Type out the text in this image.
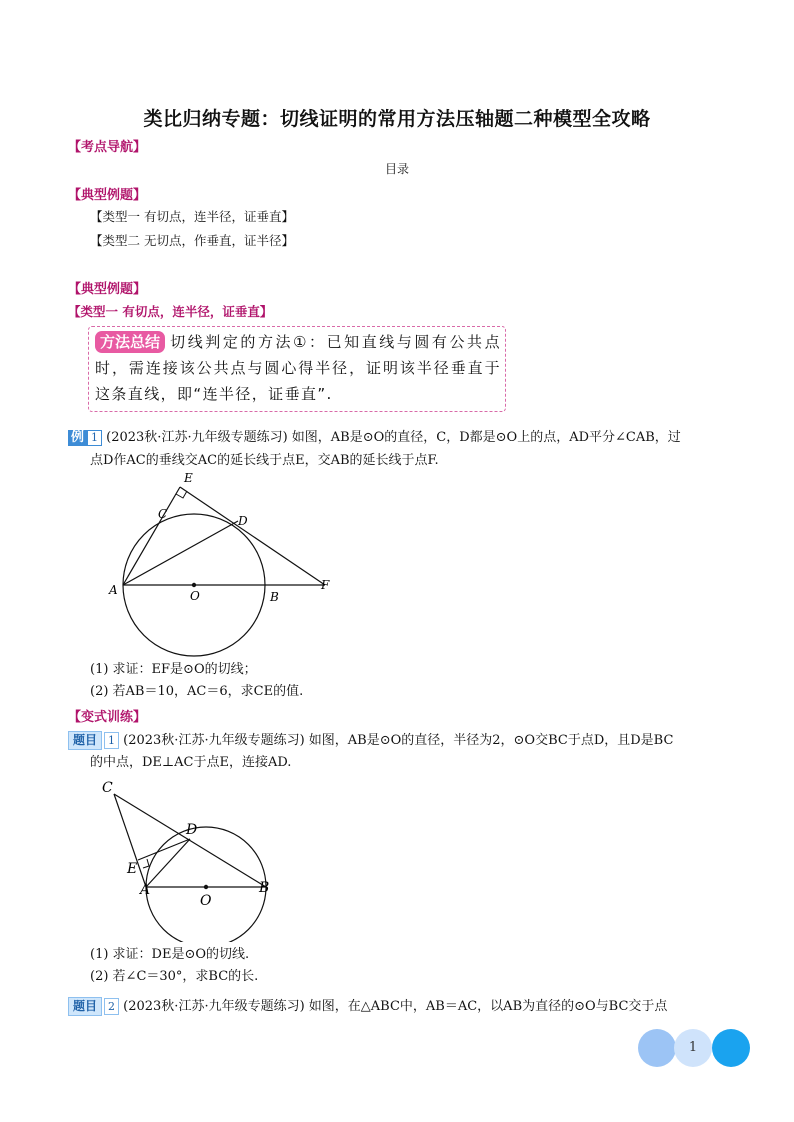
类比归纳专题：切线证明的常用方法压轴题二种模型全攻略
【考点导航】
目录
【典型例题】
【类型一 有切点，连半径，证垂直】
【类型二 无切点，作垂直，证半径】
【典型例题】
【类型一 有切点，连半径，证垂直】
方法总结 切线判定的方法①：已知直线与圆有公共点时，需连接该公共点与圆心得半径，证明该半径垂直于这条直线，即“连半径，证垂直”.
例 1 (2023秋·江苏·九年级专题练习) 如图，AB是⊙O的直径，C，D都是⊙O上的点，AD平分∠CAB，过
点D作AC的垂线交AC的延长线于点E，交AB的延长线于点F.
E
C	D
A	O	B
F
(1) 求证：EF是⊙O的切线；
(2) 若AB＝10，AC＝6，求CE的值.
【变式训练】
题目 1 (2023秋·江苏·九年级专题练习) 如图，AB是⊙O的直径，半径为2，⊙O交BC于点D，且D是BC
的中点，DE⊥AC于点E，连接AD.
C
D
E
A
O
B
(1) 求证：DE是⊙O的切线.
(2) 若∠C＝30°，求BC的长.
题目 2 (2023秋·江苏·九年级专题练习) 如图，在△ABC中，AB＝AC，以AB为直径的⊙O与BC交于点
1
